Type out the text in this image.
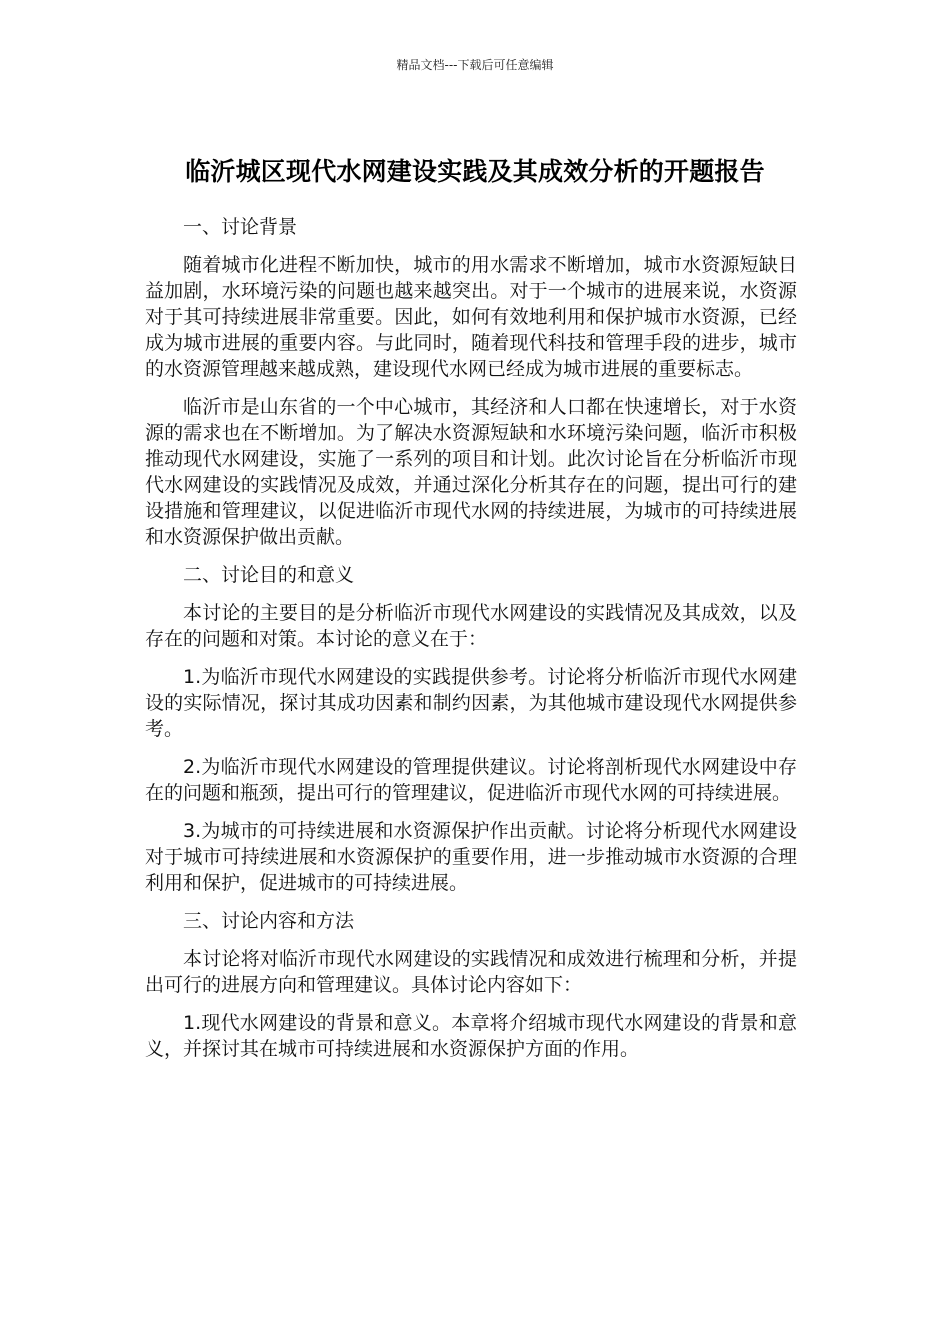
精品文档---下载后可任意编辑
临沂城区现代水网建设实践及其成效分析的开题报告

一、讨论背景

随着城市化进程不断加快，城市的用水需求不断增加，城市水资源短缺日益加剧，水环境污染的问题也越来越突出。对于一个城市的进展来说，水资源对于其可持续进展非常重要。因此，如何有效地利用和保护城市水资源，已经成为城市进展的重要内容。与此同时，随着现代科技和管理手段的进步，城市的水资源管理越来越成熟，建设现代水网已经成为城市进展的重要标志。

临沂市是山东省的一个中心城市，其经济和人口都在快速增长，对于水资源的需求也在不断增加。为了解决水资源短缺和水环境污染问题，临沂市积极推动现代水网建设，实施了一系列的项目和计划。此次讨论旨在分析临沂市现代水网建设的实践情况及成效，并通过深化分析其存在的问题，提出可行的建设措施和管理建议，以促进临沂市现代水网的持续进展，为城市的可持续进展和水资源保护做出贡献。

二、讨论目的和意义

本讨论的主要目的是分析临沂市现代水网建设的实践情况及其成效，以及存在的问题和对策。本讨论的意义在于：

1.为临沂市现代水网建设的实践提供参考。讨论将分析临沂市现代水网建设的实际情况，探讨其成功因素和制约因素，为其他城市建设现代水网提供参考。

2.为临沂市现代水网建设的管理提供建议。讨论将剖析现代水网建设中存在的问题和瓶颈，提出可行的管理建议，促进临沂市现代水网的可持续进展。

3.为城市的可持续进展和水资源保护作出贡献。讨论将分析现代水网建设对于城市可持续进展和水资源保护的重要作用，进一步推动城市水资源的合理利用和保护，促进城市的可持续进展。

三、讨论内容和方法

本讨论将对临沂市现代水网建设的实践情况和成效进行梳理和分析，并提出可行的进展方向和管理建议。具体讨论内容如下：

1.现代水网建设的背景和意义。本章将介绍城市现代水网建设的背景和意义，并探讨其在城市可持续进展和水资源保护方面的作用。
